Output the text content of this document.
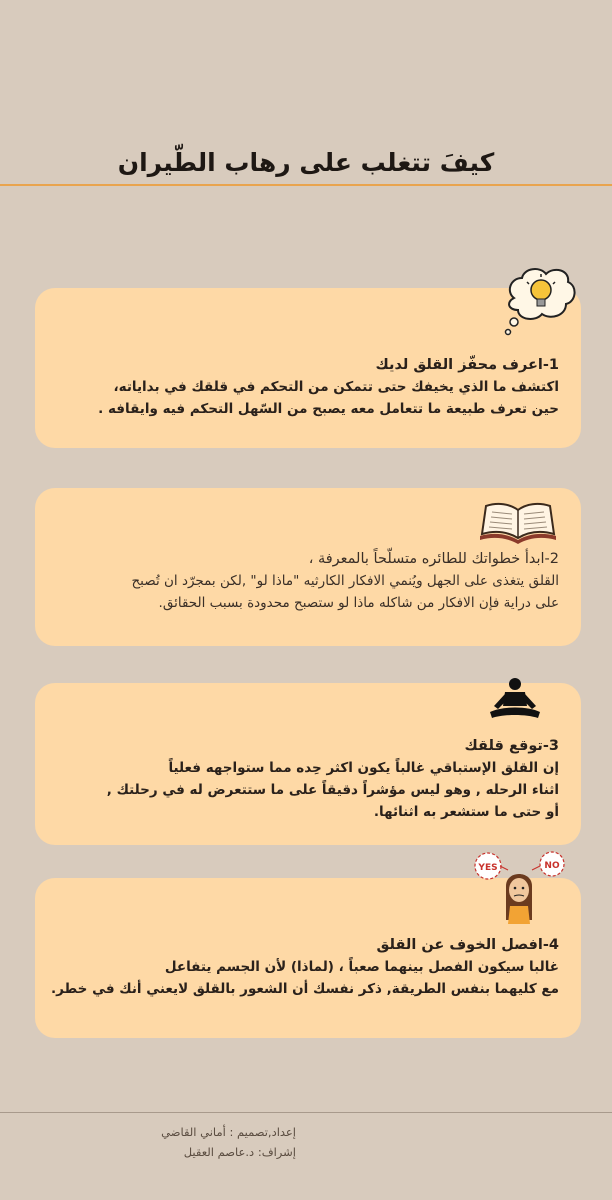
كيفَ تتغلب على رهاب الطّيران
1-اعرف محفّز القلق لديك
اكتشف ما الذي يخيفك حتى تتمكن من التحكم في قلقك في بداياته،
حين تعرف طبيعة ما تتعامل معه يصبح من السّهل التحكم فيه وايقافه .
2-ابدأ خطواتك للطائره متسلّحاً بالمعرفة ،
القلق يتغذى على الجهل ويُنمي الافكار الكارثيه "ماذا لو" ,لكن بمجرّد ان تُصبح
على دراية فإن الافكار من شاكله ماذا لو ستصبح محدودة بسبب الحقائق.
3-توقع قلقك
إن القلق الإستباقي غالباً يكون اكثر حِده مما ستواجهه فعلياً
اثناء الرحله , وهو ليس مؤشراً دقيقاً على ما ستتعرض له في رحلتك ,
أو حتى ما ستشعر به اثنائها.
4-افصل الخوف عن القلق
غالبا سيكون الفصل بينهما صعباً ، (لماذا) لأن الجسم يتفاعل
مع كليهما بنفس الطريقة, ذكر نفسك أن الشعور بالقلق لايعني أنك في خطر.
YES	NO
إعداد,تصميم : أماني القاضي
إشراف: د.عاصم العقيل
